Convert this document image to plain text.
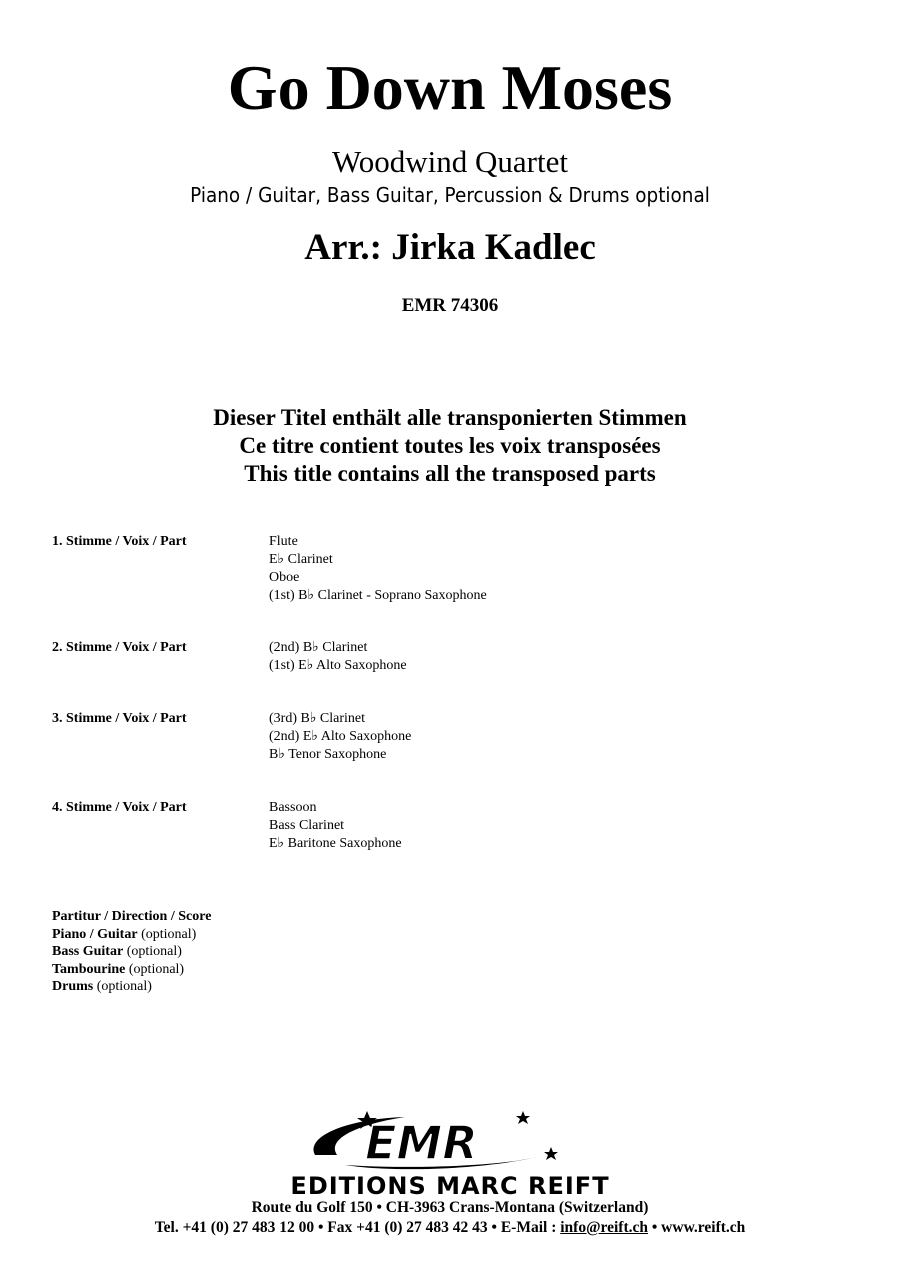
Go Down Moses
Woodwind Quartet
Piano / Guitar, Bass Guitar, Percussion & Drums optional
Arr.: Jirka Kadlec
EMR 74306
Dieser Titel enthält alle transponierten Stimmen
Ce titre contient toutes les voix transposées
This title contains all the transposed parts
1. Stimme / Voix / Part	Flute
E♭ Clarinet
Oboe
(1st) B♭ Clarinet - Soprano Saxophone
2. Stimme / Voix / Part	(2nd) B♭ Clarinet
(1st) E♭ Alto Saxophone
3. Stimme / Voix / Part	(3rd) B♭ Clarinet
(2nd) E♭ Alto Saxophone
B♭ Tenor Saxophone
4. Stimme / Voix / Part	Bassoon
Bass Clarinet
E♭ Baritone Saxophone
Partitur / Direction / Score
Piano / Guitar (optional)
Bass Guitar (optional)
Tambourine (optional)
Drums (optional)
EMR
EDITIONS MARC REIFT
Route du Golf 150 • CH-3963 Crans-Montana (Switzerland)
Tel. +41 (0) 27 483 12 00 • Fax +41 (0) 27 483 42 43 • E-Mail : info@reift.ch • www.reift.ch
